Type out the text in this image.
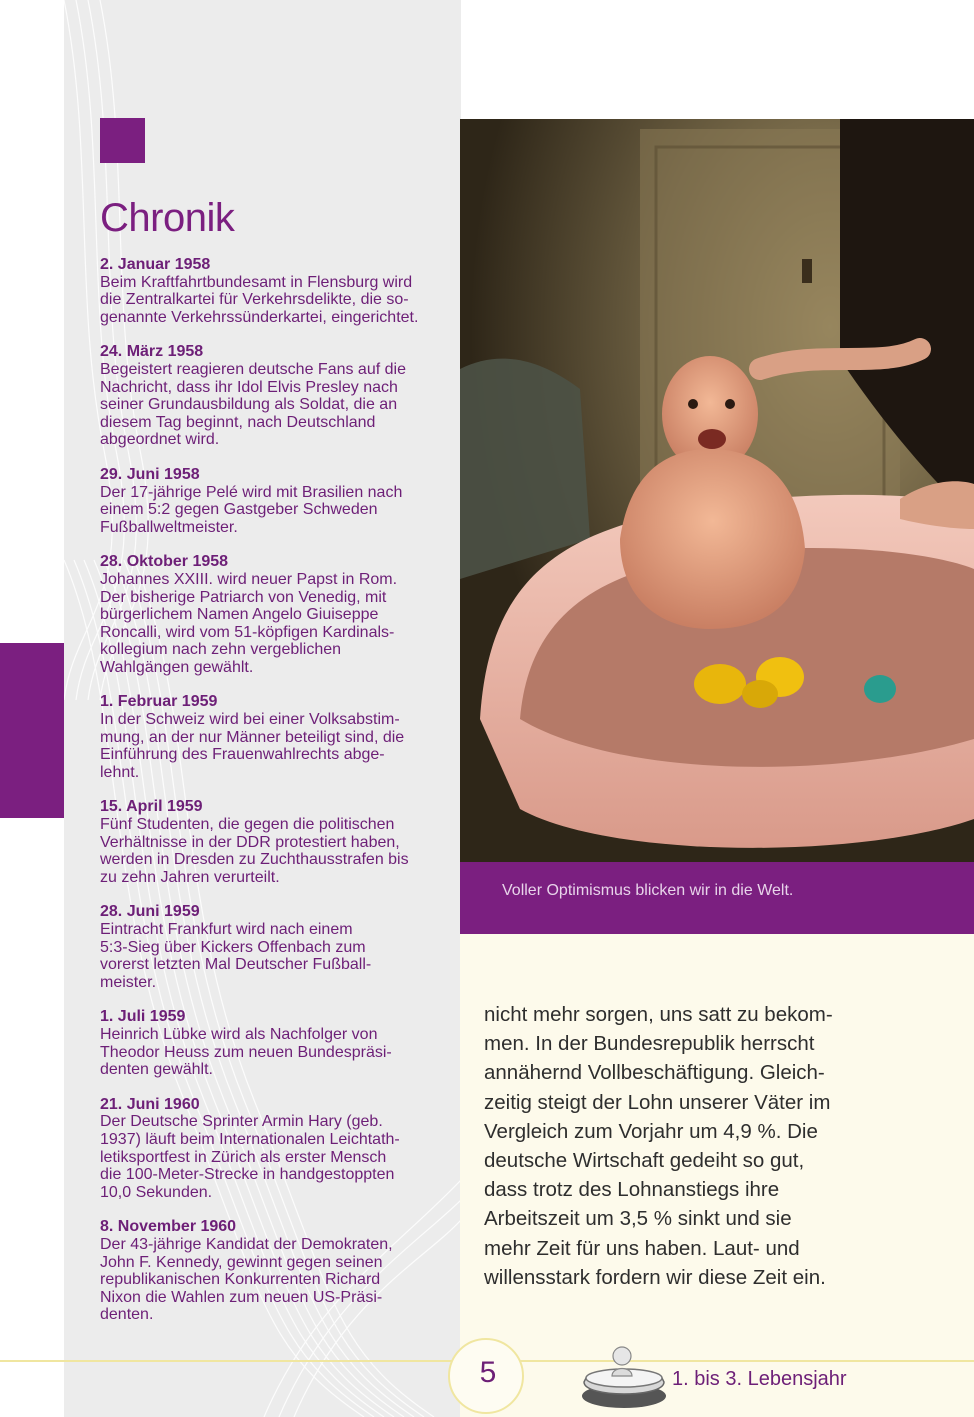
Chronik
2. Januar 1958
Beim Kraftfahrtbundesamt in Flensburg wird
die Zentralkartei für Verkehrsdelikte, die so-
genannte Verkehrssünderkartei, eingerichtet.
24. März 1958
Begeistert reagieren deutsche Fans auf die
Nachricht, dass ihr Idol Elvis Presley nach
seiner Grundausbildung als Soldat, die an
diesem Tag beginnt, nach Deutschland
abgeordnet wird.
29. Juni 1958
Der 17-jährige Pelé wird mit Brasilien nach
einem 5:2 gegen Gastgeber Schweden
Fußballweltmeister.
28. Oktober 1958
Johannes XXIII. wird neuer Papst in Rom.
Der bisherige Patriarch von Venedig, mit
bürgerlichem Namen Angelo Giuiseppe
Roncalli, wird vom 51-köpfigen Kardinals-
kollegium nach zehn vergeblichen
Wahlgängen gewählt.
1. Februar 1959
In der Schweiz wird bei einer Volksabstim-
mung, an der nur Männer beteiligt sind, die
Einführung des Frauenwahlrechts abge-
lehnt.
15. April 1959
Fünf Studenten, die gegen die politischen
Verhältnisse in der DDR protestiert haben,
werden in Dresden zu Zuchthausstrafen bis
zu zehn Jahren verurteilt.
28. Juni 1959
Eintracht Frankfurt wird nach einem
5:3-Sieg über Kickers Offenbach zum
vorerst letzten Mal Deutscher Fußball-
meister.
1. Juli 1959
Heinrich Lübke wird als Nachfolger von
Theodor Heuss zum neuen Bundespräsi-
denten gewählt.
21. Juni 1960
Der Deutsche Sprinter Armin Hary (geb.
1937) läuft beim Internationalen Leichtath-
letiksportfest in Zürich als erster Mensch
die 100-Meter-Strecke in handgestoppten
10,0 Sekunden.
8. November 1960
Der 43-jährige Kandidat der Demokraten,
John F. Kennedy, gewinnt gegen seinen
republikanischen Konkurrenten Richard
Nixon die Wahlen zum neuen US-Präsi-
denten.
Voller Optimismus blicken wir in die Welt.

nicht mehr sorgen, uns satt zu bekom-

men. In der Bundesrepublik herrscht

annähernd Vollbeschäftigung. Gleich-

zeitig steigt der Lohn unserer Väter im

Vergleich zum Vorjahr um 4,9 %. Die

deutsche Wirtschaft gedeiht so gut,

dass trotz des Lohnanstiegs ihre

Arbeitszeit um 3,5 % sinkt und sie

mehr Zeit für uns haben. Laut- und

willensstark fordern wir diese Zeit ein.

5	1. bis 3. Lebensjahr
